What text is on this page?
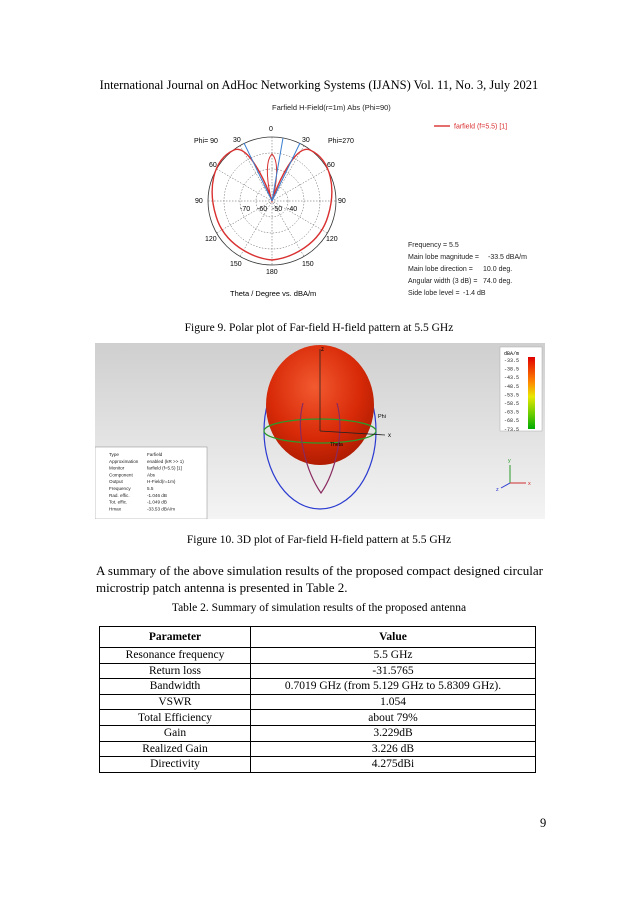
International Journal on AdHoc Networking Systems (IJANS) Vol. 11, No. 3, July 2021
Farfield H-Field(r=1m) Abs (Phi=90)
0
30	30
Phi= 90	Phi=270
60	60
90	90
120	120
150	150
180
-70 -60 -50 -40
Theta / Degree vs. dBA/m
farfield (f=5.5) [1]
Frequency = 5.5
Main lobe magnitude = -33.5 dBA/m
Main lobe direction = 10.0 deg.
Angular width (3 dB) = 74.0 deg.
Side lobe level = -1.4 dB
Figure 9. Polar plot of Far-field H-field pattern at 5.5 GHz
z
x
Phi
Theta
Type	Farfield
Approximation enabled (kR >> 1)
Monitor	farfield (f=5.5) [1]
Component	Abs
Output	H-Field(r=1m)
Frequency	5.5
Rad. effic.	-1.046 dB
Tot. effic.	-1.049 dB
Hmax	-33.53 dBA/m
dBA/m
-33.5
-38.5
-43.5
-48.5
-53.5
-58.5
-63.5
-68.5
-73.5
y
z
x
Figure 10. 3D plot of Far-field H-field pattern at 5.5 GHz
A summary of the above simulation results of the proposed compact designed circular microstrip patch antenna is presented in Table 2.
Table 2. Summary of simulation results of the proposed antenna
Parameter	Value
Resonance frequency	5.5 GHz
Return loss	-31.5765
Bandwidth	0.7019 GHz (from 5.129 GHz to 5.8309 GHz).
VSWR	1.054
Total Efficiency	about 79%
Gain	3.229dB
Realized Gain	3.226 dB
Directivity	4.275dBi
9
